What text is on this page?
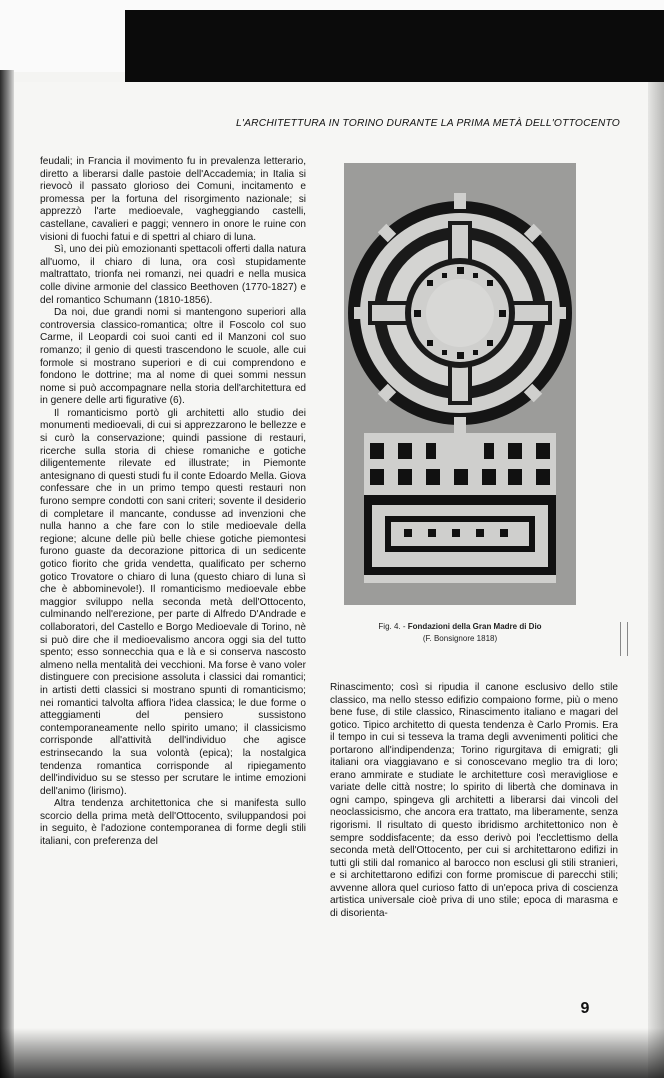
L'ARCHITETTURA IN TORINO DURANTE LA PRIMA METÀ DELL'OTTOCENTO

feudali; in Francia il movimento fu in prevalenza letterario, diretto a liberarsi dalle pastoie dell'Accademia; in Italia si rievocò il passato glorioso dei Comuni, incitamento e promessa per la fortuna del risorgimento nazionale; si apprezzò l'arte medioevale, vagheggiando castelli, castellane, cavalieri e paggi; vennero in onore le ruine con visioni di fuochi fatui e di spettri al chiaro di luna.

Sì, uno dei più emozionanti spettacoli offerti dalla natura all'uomo, il chiaro di luna, ora così stupidamente maltrattato, trionfa nei romanzi, nei quadri e nella musica colle divine armonie del classico Beethoven (1770-1827) e del romantico Schumann (1810-1856).

Da noi, due grandi nomi si mantengono superiori alla controversia classico-romantica; oltre il Foscolo col suo Carme, il Leopardi coi suoi canti ed il Manzoni col suo romanzo; il genio di questi trascendono le scuole, alle cui formole si mostrano superiori e di cui comprendono e fondono le dottrine; ma al nome di quei sommi nessun nome si può accompagnare nella storia dell'architettura ed in genere delle arti figurative (6).

Il romanticismo portò gli architetti allo studio dei monumenti medioevali, di cui si apprezzarono le bellezze e si curò la conservazione; quindi passione di restauri, ricerche sulla storia di chiese romaniche e gotiche diligentemente rilevate ed illustrate; in Piemonte antesignano di questi studi fu il conte Edoardo Mella. Giova confessare che in un primo tempo questi restauri non furono sempre condotti con sani criteri; sovente il desiderio di completare il mancante, condusse ad invenzioni che nulla hanno a che fare con lo stile medioevale della regione; alcune delle più belle chiese gotiche piemontesi furono guaste da decorazione pittorica di un sedicente gotico fiorito che grida vendetta, qualificato per scherno gotico Trovatore o chiaro di luna (questo chiaro di luna sì che è abbominevole!). Il romanticismo medioevale ebbe maggior sviluppo nella seconda metà dell'Ottocento, culminando nell'erezione, per parte di Alfredo D'Andrade e collaboratori, del Castello e Borgo Medioevale di Torino, nè si può dire che il medioevalismo ancora oggi sia del tutto spento; esso sonnecchia qua e là e si conserva nascosto almeno nella mentalità dei vecchioni. Ma forse è vano voler distinguere con precisione assoluta i classici dai romantici; in artisti detti classici si mostrano spunti di romanticismo; nei romantici talvolta affiora l'idea classica; le due forme o atteggiamenti del pensiero sussistono contemporaneamente nello spirito umano; il classicismo corrisponde all'attività dell'individuo che agisce estrinsecando la sua volontà (epica); la nostalgica tendenza romantica corrisponde al ripiegamento dell'individuo su se stesso per scrutare le intime emozioni dell'animo (lirismo).

Altra tendenza architettonica che si manifesta sullo scorcio della prima metà dell'Ottocento, sviluppandosi poi in seguito, è l'adozione contemporanea di forme degli stili italiani, con preferenza del

Fig. 4. - Fondazioni della Gran Madre di Dio
(F. Bonsignore 1818)

Rinascimento; così si ripudia il canone esclusivo dello stile classico, ma nello stesso edifizio compaiono forme, più o meno bene fuse, di stile classico, Rinascimento italiano e magari del gotico. Tipico architetto di questa tendenza è Carlo Promis. Era il tempo in cui si tesseva la trama degli avvenimenti politici che portarono all'indipendenza; Torino rigurgitava di emigrati; gli italiani ora viaggiavano e si conoscevano meglio tra di loro; erano ammirate e studiate le architetture così meravigliose e variate delle città nostre; lo spirito di libertà che dominava in ogni campo, spingeva gli architetti a liberarsi dai vincoli del neoclassicismo, che ancora era trattato, ma liberamente, senza rigorismi. Il risultato di questo ibridismo architettonico non è sempre soddisfacente; da esso derivò poi l'ecclettismo della seconda metà dell'Ottocento, per cui si architettarono edifizi in tutti gli stili dal romanico al barocco non esclusi gli stili stranieri, e si architettarono edifizi con forme promiscue di parecchi stili; avvenne allora quel curioso fatto di un'epoca priva di coscienza artistica universale cioè priva di uno stile; epoca di marasma e di disorienta-

9
